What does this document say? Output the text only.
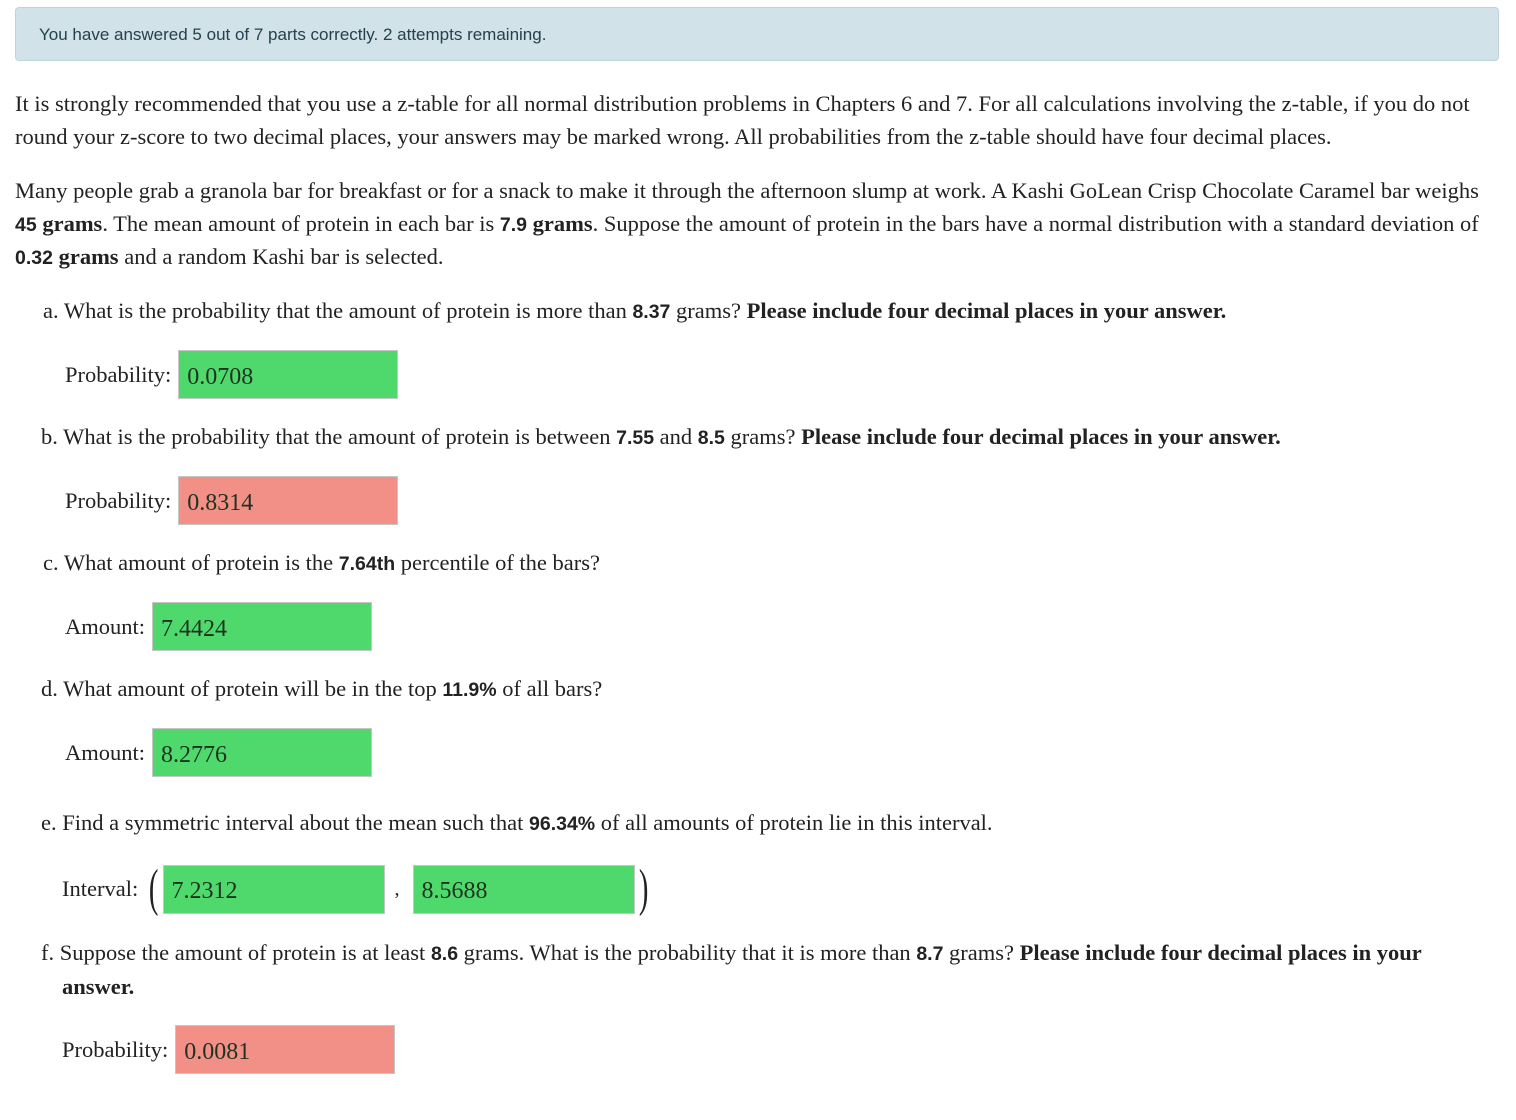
You have answered 5 out of 7 parts correctly. 2 attempts remaining.

It is strongly recommended that you use a z-table for all normal distribution problems in Chapters 6 and 7. For all calculations involving the z-table, if you do not round your z-score to two decimal places, your answers may be marked wrong. All probabilities from the z-table should have four decimal places.

Many people grab a granola bar for breakfast or for a snack to make it through the afternoon slump at work. A Kashi GoLean Crisp Chocolate Caramel bar weighs 45 grams. The mean amount of protein in each bar is 7.9 grams. Suppose the amount of protein in the bars have a normal distribution with a standard deviation of 0.32 grams and a random Kashi bar is selected.

a. What is the probability that the amount of protein is more than 8.37 grams? Please include four decimal places in your answer.

Probability:
0.0708

b. What is the probability that the amount of protein is between 7.55 and 8.5 grams? Please include four decimal places in your answer.

Probability:
0.8314

c. What amount of protein is the 7.64th percentile of the bars?

Amount:
7.4424

d. What amount of protein will be in the top 11.9% of all bars?

Amount:
8.2776

e. Find a symmetric interval about the mean such that 96.34% of all amounts of protein lie in this interval.

Interval: (
7.2312	,
8.5688	)

f. Suppose the amount of protein is at least 8.6 grams. What is the probability that it is more than 8.7 grams? Please include four decimal places in your
answer.

Probability:
0.0081
